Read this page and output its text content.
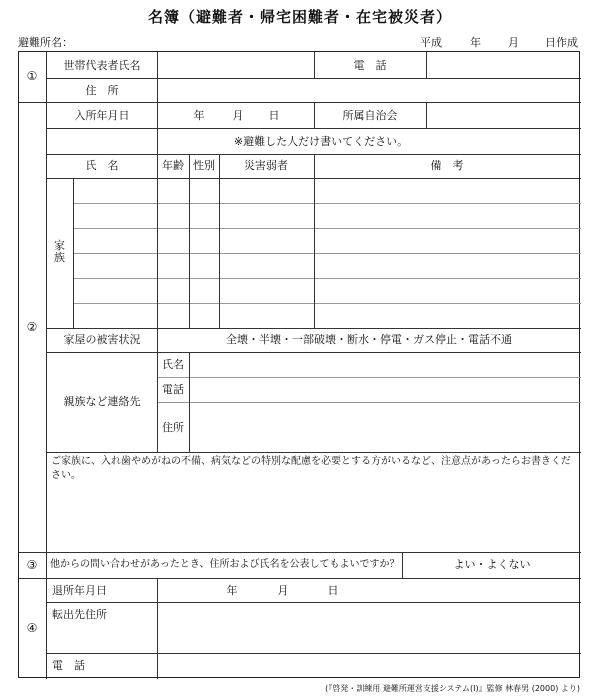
名簿（避難者・帰宅困難者・在宅被災者）
避難所名：	平成	年 月 日作成
①
世帯代表者氏名	電　話
住　所
②
入所年月日	年	月 日	所属自治会
※避難した人だけ書いてください。
氏　名	年齢 性別	災害弱者	備　考
家族
家屋の被害状況	全壊・半壊・一部破壊・断水・停電・ガス停止・電話不通
親族など連絡先
氏名
電話
住所
ご家族に、入れ歯やめがねの不備、病気などの特別な配慮を必要とする方がいるなど、注意点があったらお書きください。
③ 他からの問い合わせがあったとき、住所および氏名を公表してもよいですか？	よい・よくない
④
退所年月日	年	月	日
転出先住所
電　話
(『啓発・訓練用 避難所運営支援システム(Ⅰ)』監修 林春男 (2000) より)
